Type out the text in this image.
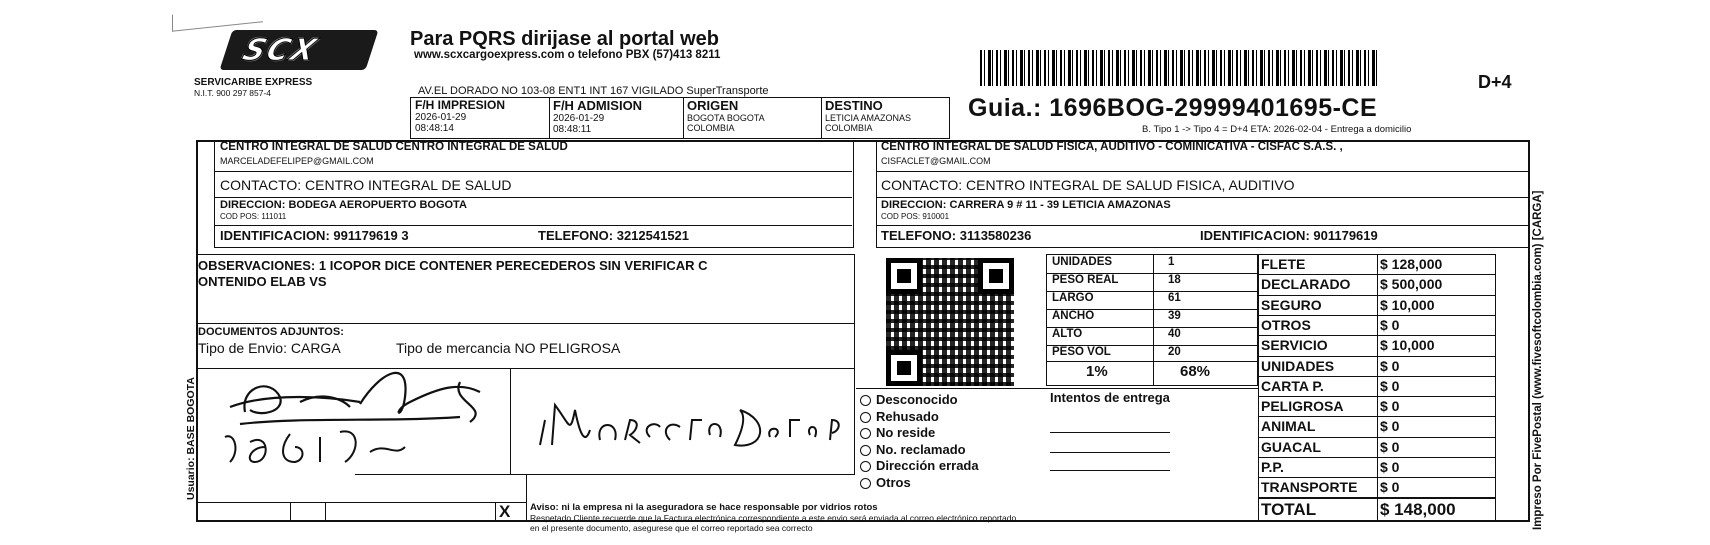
SCX
SERVICARIBE EXPRESS
N.I.T. 900 297 857-4
Para PQRS dirijase al portal web
www.scxcargoexpress.com o telefono PBX (57)413 8211
AV.EL DORADO NO 103-08 ENT1 INT 167 VIGILADO SuperTransporte	D+4
Guia.: 1696BOG-29999401695-CE
B. Tipo 1 -> Tipo 4 = D+4 ETA: 2026-02-04 - Entrega a domicilio
F/H IMPRESION
2026-01-29
08:48:14
F/H ADMISION
2026-01-29
08:48:11
ORIGEN
BOGOTA BOGOTA
COLOMBIA
DESTINO
LETICIA AMAZONAS
COLOMBIA
CENTRO INTEGRAL DE SALUD CENTRO INTEGRAL DE SALUD
MARCELADEFELIPEP@GMAIL.COM
CONTACTO: CENTRO INTEGRAL DE SALUD
DIRECCION: BODEGA AEROPUERTO BOGOTA
COD POS: 111011
IDENTIFICACION: 991179619 3	TELEFONO: 3212541521
CENTRO INTEGRAL DE SALUD FISICA, AUDITIVO - COMINICATIVA - CISFAC S.A.S. ,
CISFACLET@GMAIL.COM
CONTACTO: CENTRO INTEGRAL DE SALUD FISICA, AUDITIVO
DIRECCION: CARRERA 9 # 11 - 39 LETICIA AMAZONAS
COD POS: 910001
TELEFONO: 3113580236	IDENTIFICACION: 901179619
OBSERVACIONES: 1 ICOPOR DICE CONTENER PERECEDEROS SIN VERIFICAR C
ONTENIDO ELAB VS
DOCUMENTOS ADJUNTOS:
Tipo de Envio: CARGA	Tipo de mercancia NO PELIGROSA
X Aviso: ni la empresa ni la aseguradora se hace responsable por vidrios rotos
Respetado Cliente recuerde que la Factura electrónica correspondiente a este envio será enviada al correo electrónico reportado
en el presente documento, asegurese que el correo reportado sea correcto
UNIDADES	1
PESO REAL	18
LARGO	61
ANCHO	39
ALTO	40
PESO VOL	20
1%	68%
Desconocido
Rehusado
No reside
No. reclamado
Dirección errada
Otros
Intentos de entrega
FLETE	$ 128,000
DECLARADO $ 500,000
SEGURO	$ 10,000
OTROS	$ 0
SERVICIO	$ 10,000
UNIDADES	$ 0
CARTA P.	$ 0
PELIGROSA	$ 0
ANIMAL	$ 0
GUACAL	$ 0
P.P.	$ 0
TRANSPORTE $ 0
TOTAL	$ 148,000
Usuario: BASE BOGOTA	Impreso Por FivePostal (www.fivesoftcolombia.com) [CARGA]
